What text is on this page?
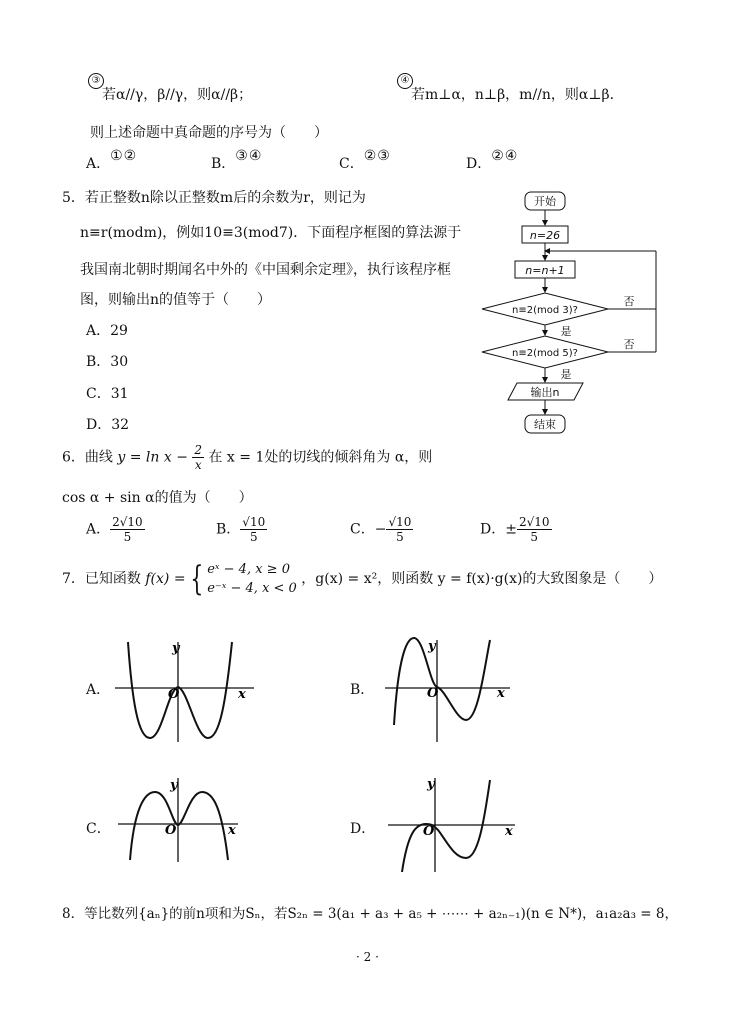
③
若α//γ，β//γ，则α//β；
④
若m⊥α，n⊥β，m//n，则α⊥β．
则上述命题中真命题的序号为（　　）
A．①②	B．③④	C．②③	D．②④
5．若正整数n除以正整数m后的余数为r，则记为
n≡r(modm)，例如10≡3(mod7)．下面程序框图的算法源于
我国南北朝时期闻名中外的《中国剩余定理》，执行该程序框
图，则输出n的值等于（　　）
A．29
B．30
C．31
D．32
开始
n=26
n=n+1
n≡2(mod 3)?
n≡2(mod 5)?
输出n
结束
否
否
是
是
6．曲线 $y = \ln x - \frac{2}{x}$ 在 x = 1处的切线的倾斜角为 α，则
cos α + sin α的值为（　　）
A． $\frac{2√10}{5}$	B． $\frac{√10}{5}$	C．− $\frac{√10}{5}$	D．± $\frac{2√10}{5}$
7．已知函数 f(x) = { eˣ − 4, x ≥ 0
e⁻ˣ − 4, x < 0 ，g(x) = x²，则函数 y = f(x)·g(x)的大致图象是（　　）
A．
y
x
O	B．
y
x
O
C．
y
x
O	D．
y
x
O
8．等比数列{aₙ}的前n项和为Sₙ，若S₂ₙ = 3(a₁ + a₃ + a₅ + ⋯⋯ + a₂ₙ₋₁)(n ∈ N*)，a₁a₂a₃ = 8，
· 2 ·
